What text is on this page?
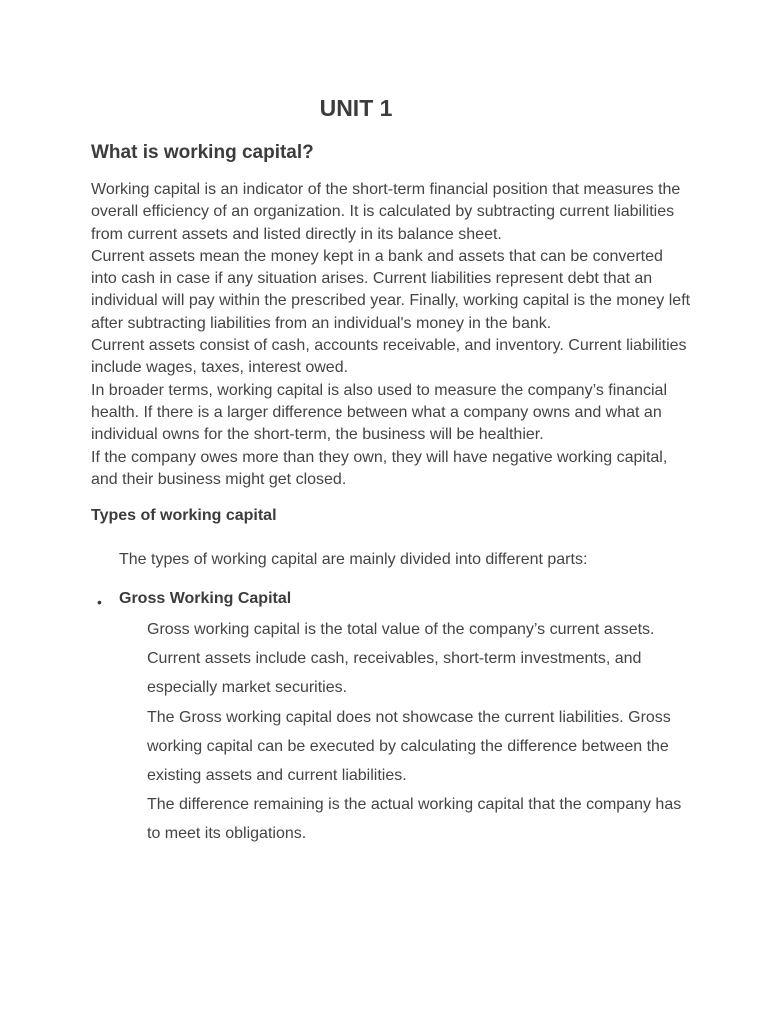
UNIT 1
What is working capital?

Working capital is an indicator of the short-term financial position that measures the overall efficiency of an organization. It is calculated by subtracting current liabilities from current assets and listed directly in its balance sheet.

Current assets mean the money kept in a bank and assets that can be converted into cash in case if any situation arises. Current liabilities represent debt that an individual will pay within the prescribed year. Finally, working capital is the money left after subtracting liabilities from an individual's money in the bank.

Current assets consist of cash, accounts receivable, and inventory. Current liabilities include wages, taxes, interest owed.

In broader terms, working capital is also used to measure the company’s financial health. If there is a larger difference between what a company owns and what an individual owns for the short-term, the business will be healthier.

If the company owes more than they own, they will have negative working capital, and their business might get closed.

Types of working capital

The types of working capital are mainly divided into different parts:

• Gross Working Capital

Gross working capital is the total value of the company’s current assets. Current assets include cash, receivables, short-term investments, and especially market securities.

The Gross working capital does not showcase the current liabilities. Gross working capital can be executed by calculating the difference between the existing assets and current liabilities.

The difference remaining is the actual working capital that the company has to meet its obligations.
